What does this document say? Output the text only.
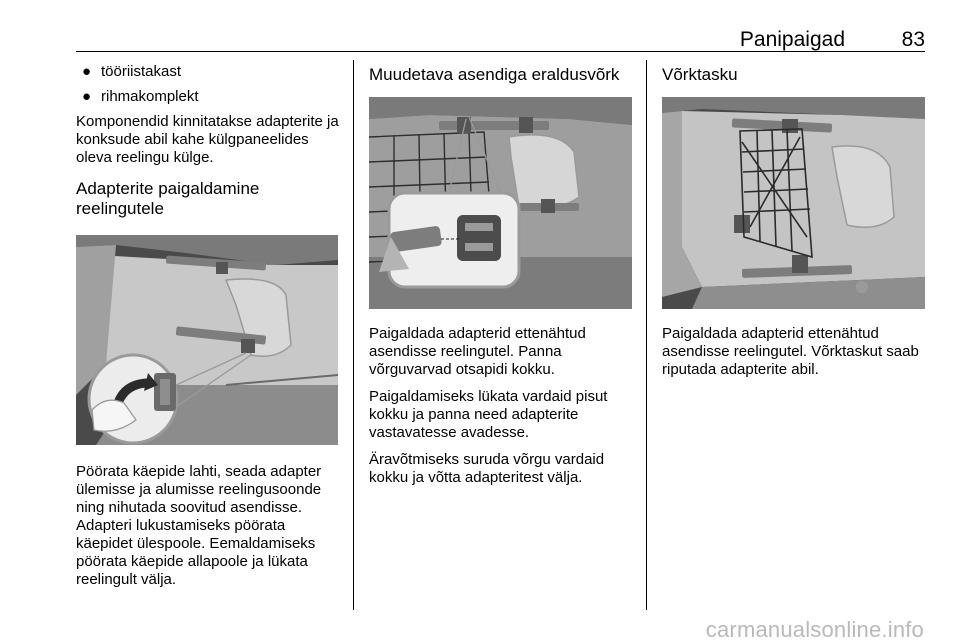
Panipaigad	83
● tööriistakast
● rihmakomplekt

Komponendid kinnitatakse adapterite ja konksude abil kahe külgpaneelides oleva reelingu külge.

Adapterite paigaldamine reelingutele

Pöörata käepide lahti, seada adapter ülemisse ja alumisse reelingusoonde ning nihutada soovitud asendisse. Adapteri lukustamiseks pöörata käepidet ülespoole. Eemaldamiseks pöörata käepide allapoole ja lükata reelingult välja.

Muudetava asendiga eraldusvõrk

Paigaldada adapterid ettenähtud asendisse reelingutel. Panna võrguvarvad otsapidi kokku.

Paigaldamiseks lükata vardaid pisut kokku ja panna need adapterite vastavatesse avadesse.

Äravõtmiseks suruda võrgu vardaid kokku ja võtta adapteritest välja.

Võrktasku

Paigaldada adapterid ettenähtud asendisse reelingutel. Võrktaskut saab riputada adapterite abil.

carmanualsonline.info
